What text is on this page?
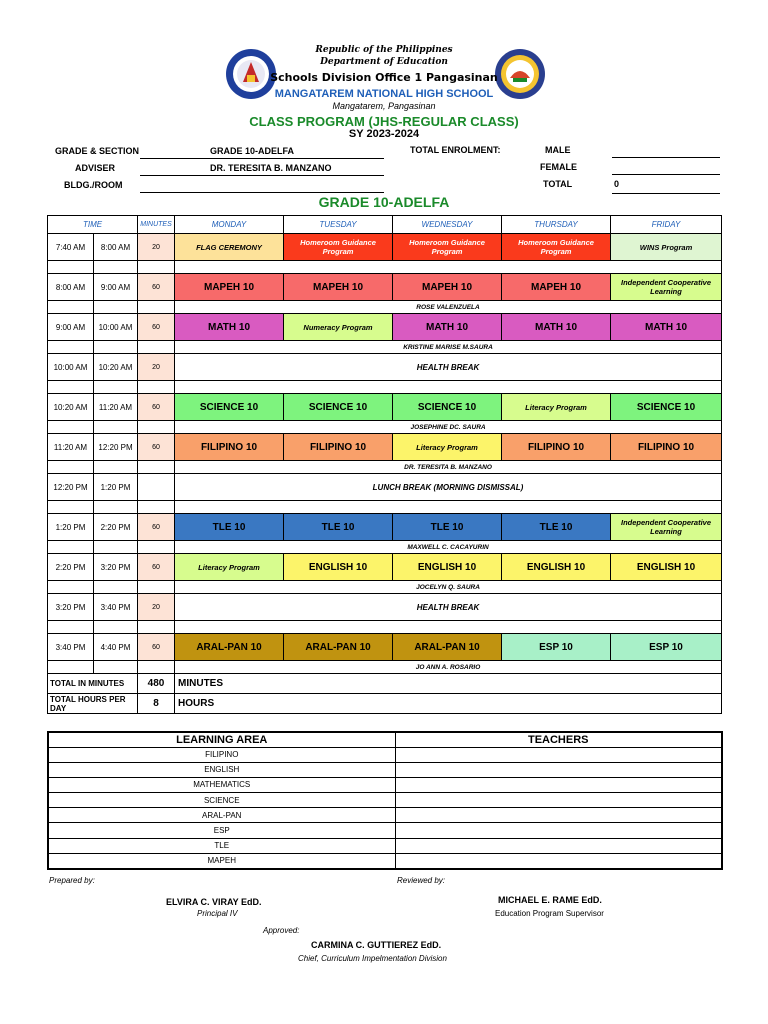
Republic of the Philippines
Department of Education
Schools Division Office 1 Pangasinan
MANGATAREM NATIONAL HIGH SCHOOL
Mangatarem, Pangasinan
CLASS PROGRAM (JHS-REGULAR CLASS)
SY 2023-2024
GRADE & SECTION	GRADE 10-ADELFA
ADVISER	DR. TERESITA B. MANZANO
BLDG./ROOM
TOTAL ENROLMENT:	MALE
FEMALE
TOTAL	0
GRADE 10-ADELFA
TIME		MINUTES	MONDAY	TUESDAY	WEDNESDAY	THURSDAY	FRIDAY
7:40 AM	8:00 AM	20	FLAG CEREMONY	Homeroom Guidance Program	Homeroom Guidance Program	Homeroom Guidance Program	WINS Program

8:00 AM	9:00 AM	60	MAPEH 10	MAPEH 10	MAPEH 10	MAPEH 10	Independent Cooperative Learning
			ROSE VALENZUELA				
9:00 AM	10:00 AM	60	MATH 10	Numeracy Program	MATH 10	MATH 10	MATH 10
			KRISTINE MARISE M.SAURA				
10:00 AM	10:20 AM	20	HEALTH BREAK				

10:20 AM	11:20 AM	60	SCIENCE 10	SCIENCE 10	SCIENCE 10	Literacy Program	SCIENCE 10
			JOSEPHINE DC. SAURA				
11:20 AM	12:20 PM	60	FILIPINO 10	FILIPINO 10	Literacy Program	FILIPINO 10	FILIPINO 10
			DR. TERESITA B. MANZANO				
12:20 PM	1:20 PM		LUNCH BREAK (MORNING DISMISSAL)				

1:20 PM	2:20 PM	60	TLE 10	TLE 10	TLE 10	TLE 10	Independent Cooperative Learning
			MAXWELL C. CACAYURIN				
2:20 PM	3:20 PM	60	Literacy Program	ENGLISH 10	ENGLISH 10	ENGLISH 10	ENGLISH 10
			JOCELYN Q. SAURA				
3:20 PM	3:40 PM	20	HEALTH BREAK				

3:40 PM	4:40 PM	60	ARAL-PAN 10	ARAL-PAN 10	ARAL-PAN 10	ESP 10	ESP 10
			JO ANN A. ROSARIO				
TOTAL IN MINUTES		480	MINUTES				
TOTAL HOURS PER DAY		8	HOURS				
LEARNING AREA	TEACHERS
FILIPINO	
ENGLISH	
MATHEMATICS	
SCIENCE	
ARAL-PAN	
ESP	
TLE	
MAPEH	
Prepared by:
ELVIRA C. VIRAY EdD.
Principal IV
Reviewed by:
MICHAEL E. RAME EdD.
Education Program Supervisor
Approved:
CARMINA C. GUTTIEREZ EdD.
Chief, Curriculum Impelmentation Division
